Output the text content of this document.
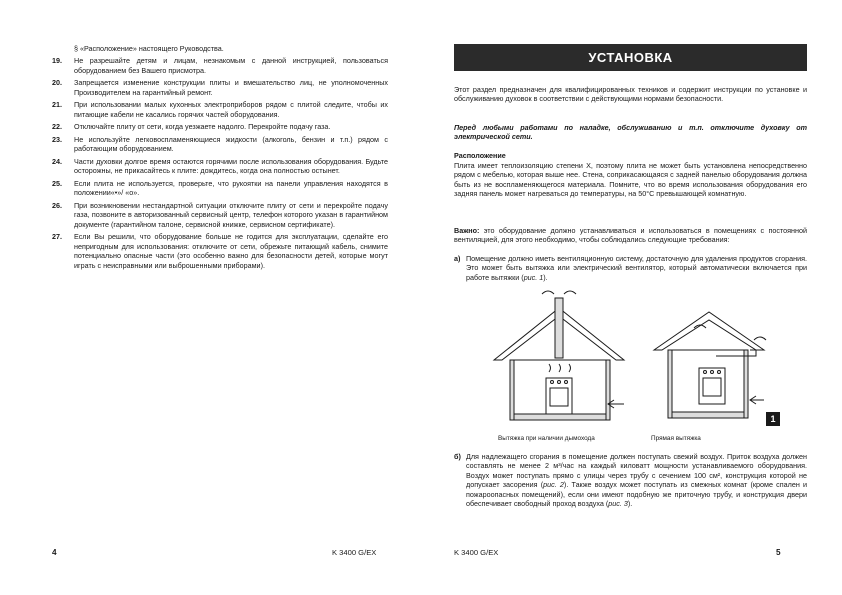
§ «Расположение» настоящего Руководства.
19.	Не разрешайте детям и лицам, незнакомым с данной инструкцией, пользоваться оборудованием без Вашего присмотра.
20.	Запрещается изменение конструкции плиты и вмешательство лиц, не уполномоченных Производителем на гарантийный ремонт.
21.	При использовании малых кухонных электроприборов рядом с плитой следите, чтобы их питающие кабели не касались горячих частей оборудования.
22.	Отключайте плиту от сети, когда уезжаете надолго. Перекройте подачу газа.
23.	Не используйте легковоспламеняющиеся жидкости (алкоголь, бензин и т.п.) рядом с работающим оборудованием.
24.	Части духовки долгое время остаются горячими после использования оборудования. Будьте осторожны, не прикасайтесь к плите: дождитесь, когда она полностью остынет.
25.	Если плита не используется, проверьте, что рукоятки на панели управления находятся в положении«•»/ «о».
26.	При возникновении нестандартной ситуации отключите плиту от сети и перекройте подачу газа, позвоните в авторизованный сервисный центр, телефон которого указан в гарантийном документе (гарантийном талоне, сервисной книжке, сервисном сертификате).
27.	Если Вы решили, что оборудование больше не годится для эксплуатации, сделайте его непригодным для использования: отключите от сети, обрежьте питающий кабель, снимите потенциально опасные части (это особенно важно для безопасности детей, которые могут играть с неисправными или выброшенными приборами).
4	K 3400 G/EX
УСТАНОВКА

Этот раздел предназначен для квалифицированных техников и содержит инструкции по установке и обслуживанию духовок в соответствии с действующими нормами безопасности.

Перед любыми работами по наладке, обслуживанию и т.п. отключите духовку от электрической сети.

Расположение

Плита имеет теплоизоляцию степени X, поэтому плита не может быть установлена непосредственно рядом с мебелью, которая выше нее. Стена, соприкасающаяся с задней панелью оборудования должна быть из не воспламеняющегося материала. Помните, что во время использования оборудования его задняя панель может нагреваться до температуры, на 50°С превышающей комнатную.

Важно: это оборудование должно устанавливаться и использоваться в помещениях с постоянной вентиляцией, для этого необходимо, чтобы соблюдались следующие требования:

а) Помещение должно иметь вентиляционную систему, достаточную для удаления продуктов сгорания. Это может быть вытяжка или электрический вентилятор, который автоматически включается при работе вытяжки (рис. 1).
Вытяжка при наличии дымохода	Прямая вытяжка
б) Для надлежащего сгорания в помещение должен поступать свежий воздух. Приток воздуха должен составлять не менее 2 м³/час на каждый киловатт мощности устанавливаемого оборудования. Воздух может поступать прямо с улицы через трубу с сечением 100 см², конструкция которой не допускает засорения (рис. 2). Также воздух может поступать из смежных комнат (кроме спален и пожароопасных помещений), если они имеют подобную же приточную трубу, и конструкция двери обеспечивает свободный проход воздуха (рис. 3).
K 3400 G/EX	5
1
